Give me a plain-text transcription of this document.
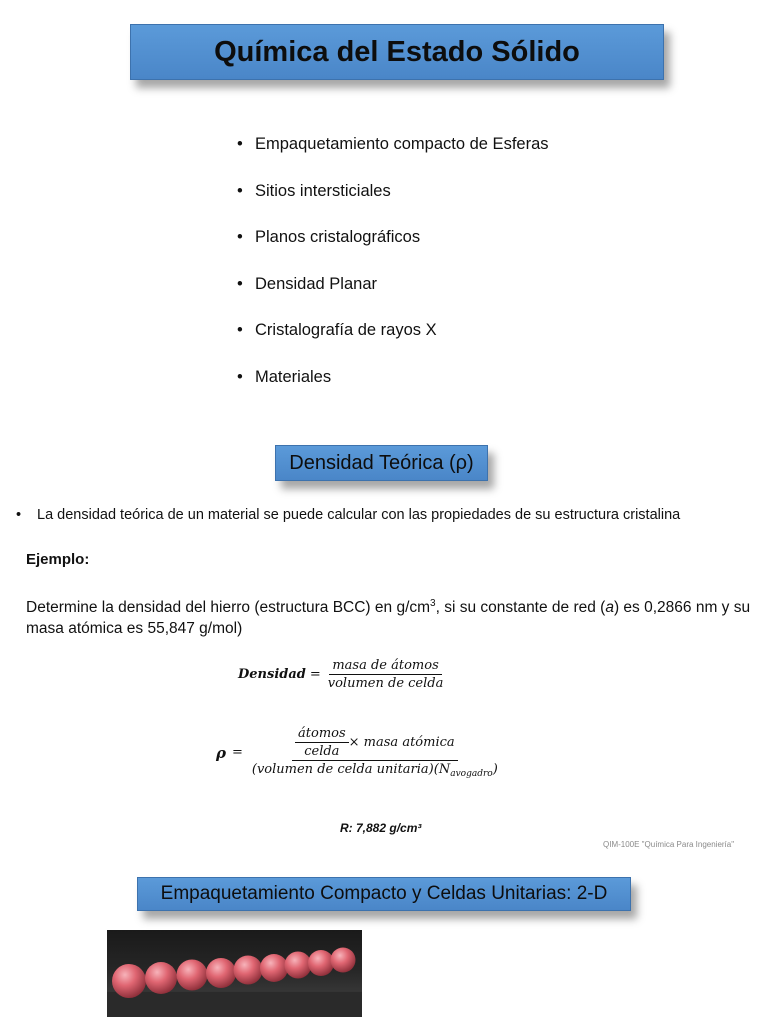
Química del Estado Sólido
• Empaquetamiento compacto de Esferas
• Sitios intersticiales
• Planos cristalográficos
• Densidad Planar
• Cristalografía de rayos X
• Materiales
Densidad Teórica (ρ)
• La densidad teórica de un material se puede calcular con las propiedades de su estructura cristalina
Ejemplo:
Determine la densidad del hierro (estructura BCC) en $g/cm^3$, si su constante de red (a) es 0,2866 nm y su masa atómica es 55,847 g/mol)
Densidad = $\frac{\text{masa de átomos}}{\text{volumen de celda}}$
$\rho = \frac{\frac{\text{átomos}}{\text{celda}} \times masa atómica}{(volumen de celda unitaria)(N_{avogadro})}$
R: 7,882 g/cm³
QIM-100E "Química Para Ingeniería"
Empaquetamiento Compacto y Celdas Unitarias: 2-D
